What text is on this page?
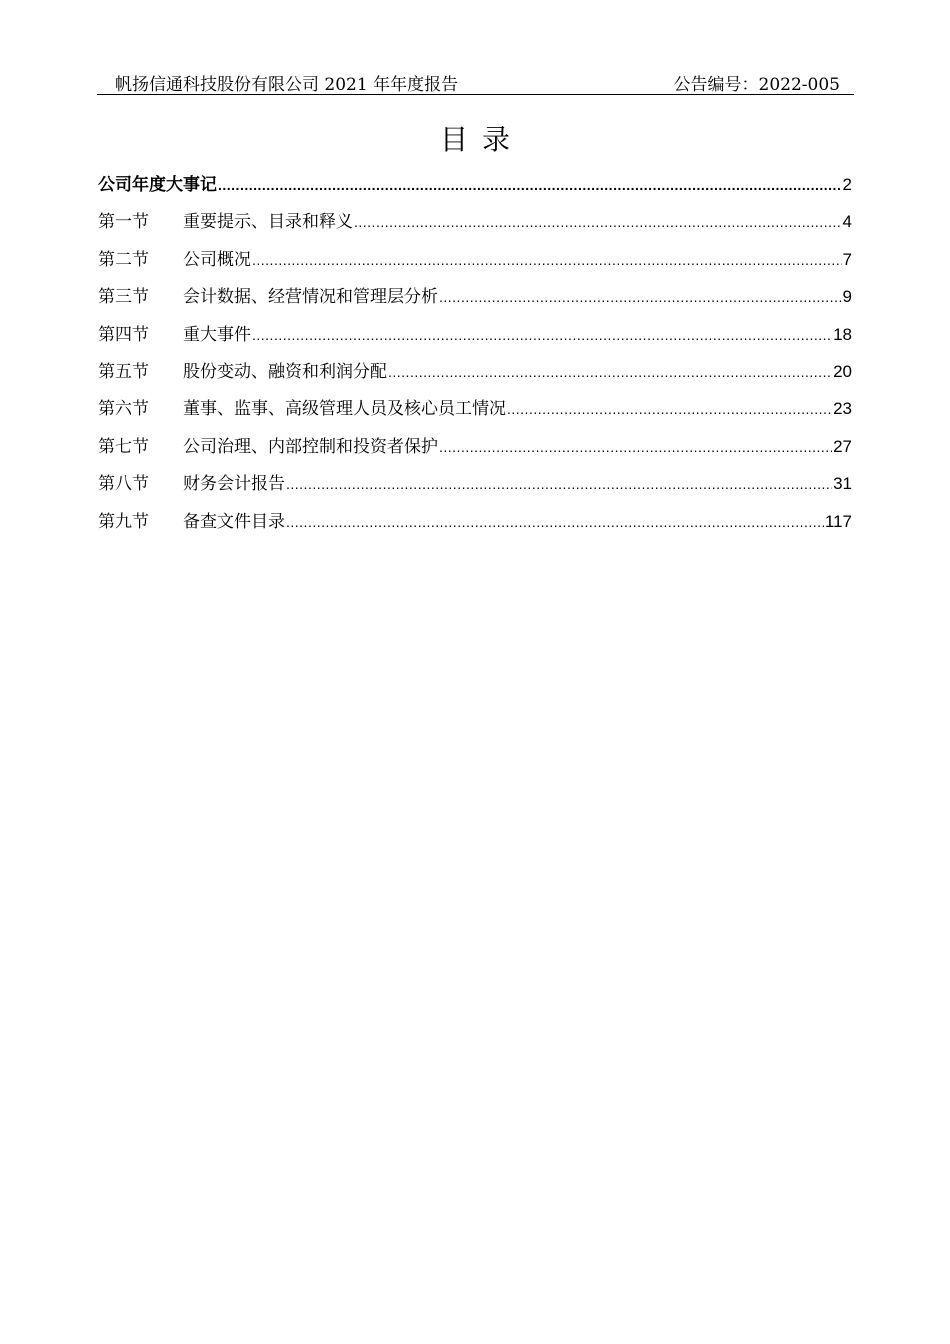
帆扬信通科技股份有限公司 2021 年年度报告	公告编号：2022-005
目录
公司年度大事记 .....	2
第一节	重要提示、目录和释义 .....	4
第二节	公司概况 .....	7
第三节	会计数据、经营情况和管理层分析 .....	9
第四节	重大事件 .....	18
第五节	股份变动、融资和利润分配 .....	20
第六节	董事、监事、高级管理人员及核心员工情况 .....	23
第七节	公司治理、内部控制和投资者保护 .....	27
第八节	财务会计报告 .....	31
第九节	备查文件目录 .....	117
